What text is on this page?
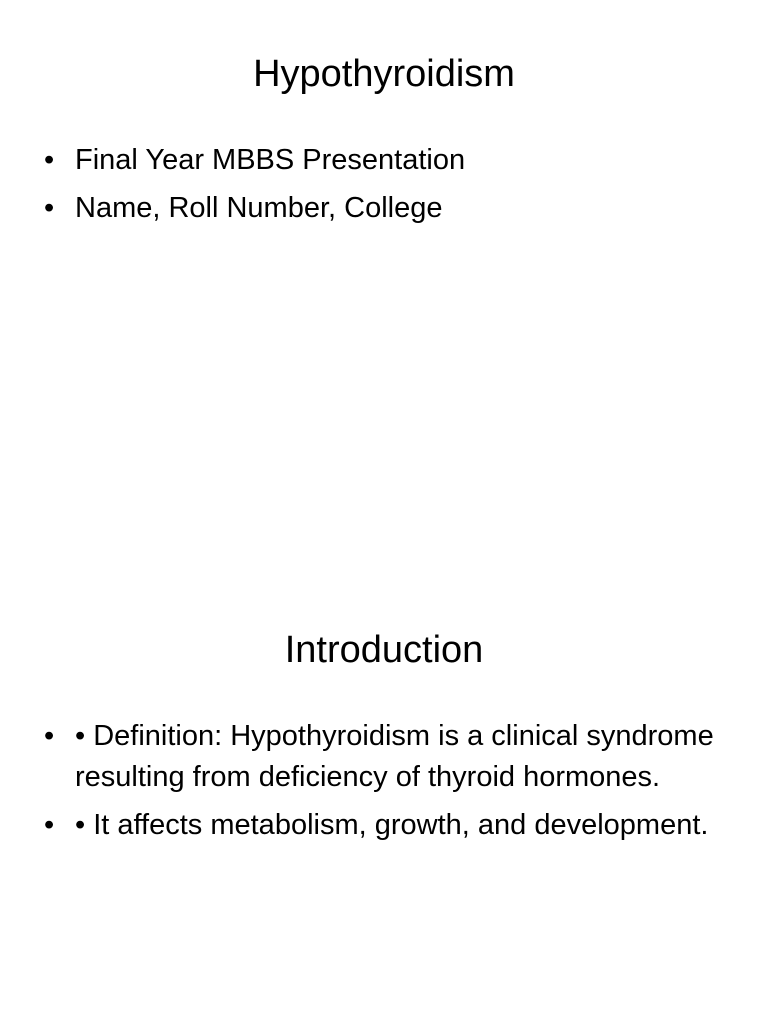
Hypothyroidism
• Final Year MBBS Presentation
• Name, Roll Number, College
Introduction
• • Definition: Hypothyroidism is a clinical syndrome resulting from deficiency of thyroid hormones.
• • It affects metabolism, growth, and development.
